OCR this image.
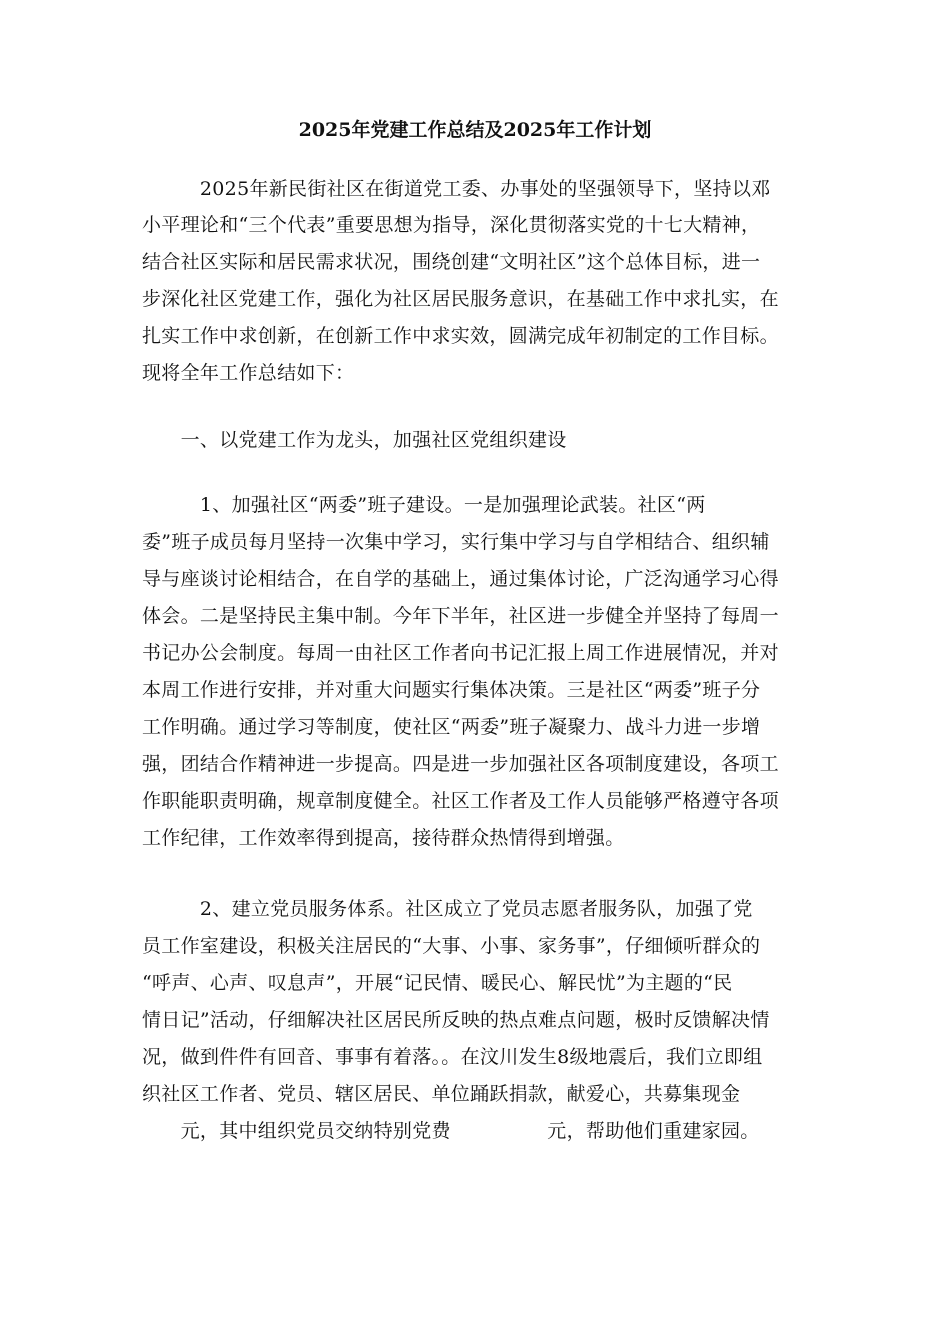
2025年党建工作总结及2025年工作计划
　　　2025年新民街社区在街道党工委、办事处的坚强领导下，坚持以邓
小平理论和“三个代表”重要思想为指导，深化贯彻落实党的十七大精神，
结合社区实际和居民需求状况，围绕创建“文明社区”这个总体目标，进一
步深化社区党建工作，强化为社区居民服务意识，在基础工作中求扎实，在
扎实工作中求创新，在创新工作中求实效，圆满完成年初制定的工作目标。
现将全年工作总结如下：
　　一、以党建工作为龙头，加强社区党组织建设
　　　1、加强社区“两委”班子建设。一是加强理论武装。社区“两
委”班子成员每月坚持一次集中学习，实行集中学习与自学相结合、组织辅
导与座谈讨论相结合，在自学的基础上，通过集体讨论，广泛沟通学习心得
体会。二是坚持民主集中制。今年下半年，社区进一步健全并坚持了每周一
书记办公会制度。每周一由社区工作者向书记汇报上周工作进展情况，并对
本周工作进行安排，并对重大问题实行集体决策。三是社区“两委”班子分
工作明确。通过学习等制度，使社区“两委”班子凝聚力、战斗力进一步增
强，团结合作精神进一步提高。四是进一步加强社区各项制度建设，各项工
作职能职责明确，规章制度健全。社区工作者及工作人员能够严格遵守各项
工作纪律，工作效率得到提高，接待群众热情得到增强。
　　　2、建立党员服务体系。社区成立了党员志愿者服务队，加强了党
员工作室建设，积极关注居民的“大事、小事、家务事”，仔细倾听群众的
“呼声、心声、叹息声”，开展“记民情、暖民心、解民忧”为主题的“民
情日记”活动，仔细解决社区居民所反映的热点难点问题，极时反馈解决情
况，做到件件有回音、事事有着落。。在汶川发生8级地震后，我们立即组
织社区工作者、党员、辖区居民、单位踊跃捐款，献爱心，共募集现金
　　元，其中组织党员交纳特别党费　　　　　元，帮助他们重建家园。
